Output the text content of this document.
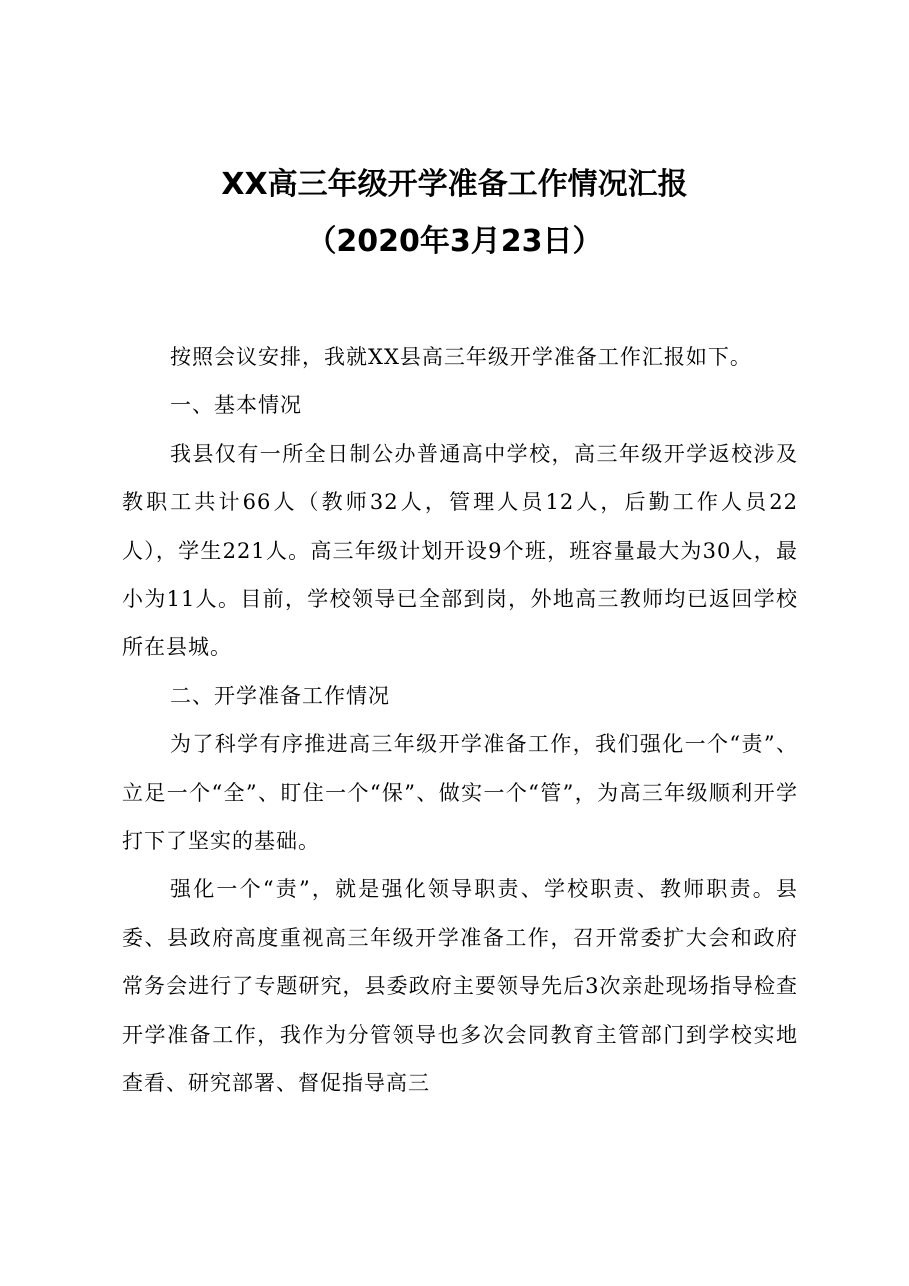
XX高三年级开学准备工作情况汇报
（2020年3月23日）

按照会议安排，我就XX县高三年级开学准备工作汇报如下。

一、基本情况

我县仅有一所全日制公办普通高中学校，高三年级开学返校涉及教职工共计66人（教师32人，管理人员12人，后勤工作人员22人），学生221人。高三年级计划开设9个班，班容量最大为30人，最小为11人。目前，学校领导已全部到岗，外地高三教师均已返回学校所在县城。

二、开学准备工作情况

为了科学有序推进高三年级开学准备工作，我们强化一个“责”、立足一个“全”、盯住一个“保”、做实一个“管”，为高三年级顺利开学打下了坚实的基础。

强化一个“责”，就是强化领导职责、学校职责、教师职责。县委、县政府高度重视高三年级开学准备工作，召开常委扩大会和政府常务会进行了专题研究，县委政府主要领导先后3次亲赴现场指导检查开学准备工作，我作为分管领导也多次会同教育主管部门到学校实地查看、研究部署、督促指导高三
